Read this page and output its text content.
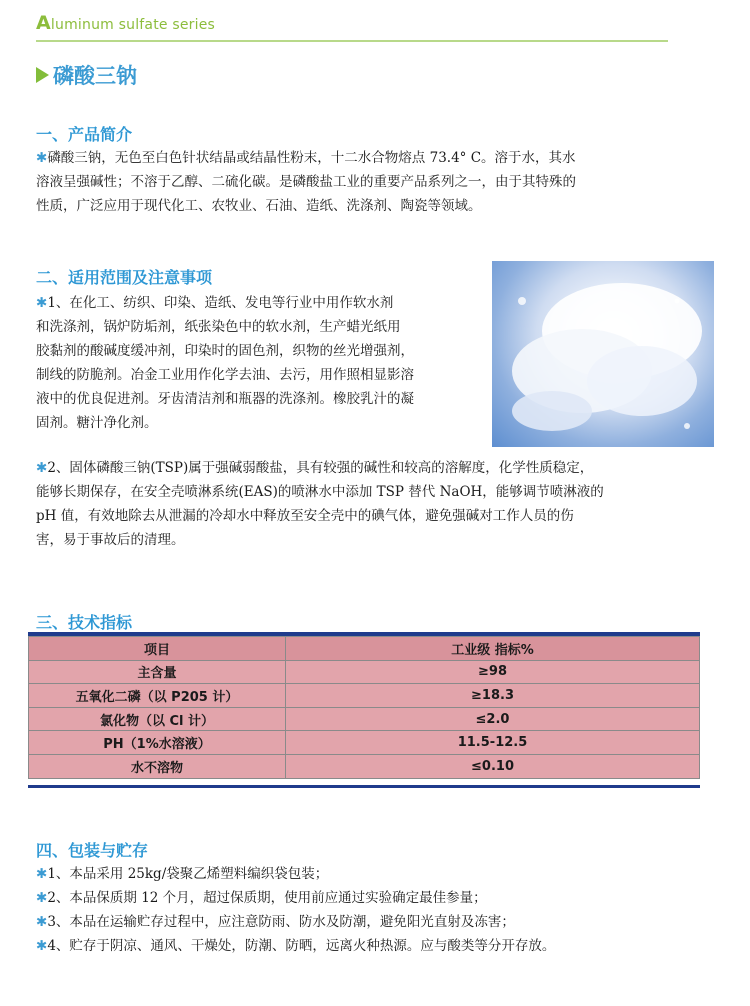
Aluminum sulfate series
磷酸三钠
一、产品简介
✱磷酸三钠，无色至白色针状结晶或结晶性粉末，十二水合物熔点 73.4° C。溶于水，其水
溶液呈强碱性；不溶于乙醇、二硫化碳。是磷酸盐工业的重要产品系列之一，由于其特殊的
性质，广泛应用于现代化工、农牧业、石油、造纸、洗涤剂、陶瓷等领域。
二、适用范围及注意事项
✱1、在化工、纺织、印染、造纸、发电等行业中用作软水剂
和洗涤剂，锅炉防垢剂，纸张染色中的软水剂，生产蜡光纸用
胶黏剂的酸碱度缓冲剂，印染时的固色剂，织物的丝光增强剂，
制线的防脆剂。冶金工业用作化学去油、去污，用作照相显影溶
液中的优良促进剂。牙齿清洁剂和瓶器的洗涤剂。橡胶乳汁的凝
固剂。糖汁净化剂。
✱2、固体磷酸三钠(TSP)属于强碱弱酸盐，具有较强的碱性和较高的溶解度，化学性质稳定，
能够长期保存，在安全壳喷淋系统(EAS)的喷淋水中添加 TSP 替代 NaOH，能够调节喷淋液的
pH 值，有效地除去从泄漏的冷却水中释放至安全壳中的碘气体，避免强碱对工作人员的伤
害，易于事故后的清理。
三、技术指标
项目	工业级 指标%
主含量	≥98
五氧化二磷（以 P205 计）	≥18.3
氯化物（以 Cl 计）	≤2.0
PH（1%水溶液）	11.5-12.5
水不溶物	≤0.10
四、包装与贮存
✱1、本品采用 25kg/袋聚乙烯塑料编织袋包装；
✱2、本品保质期 12 个月，超过保质期，使用前应通过实验确定最佳参量；
✱3、本品在运输贮存过程中，应注意防雨、防水及防潮，避免阳光直射及冻害；
✱4、贮存于阴凉、通风、干燥处，防潮、防晒，远离火种热源。应与酸类等分开存放。
